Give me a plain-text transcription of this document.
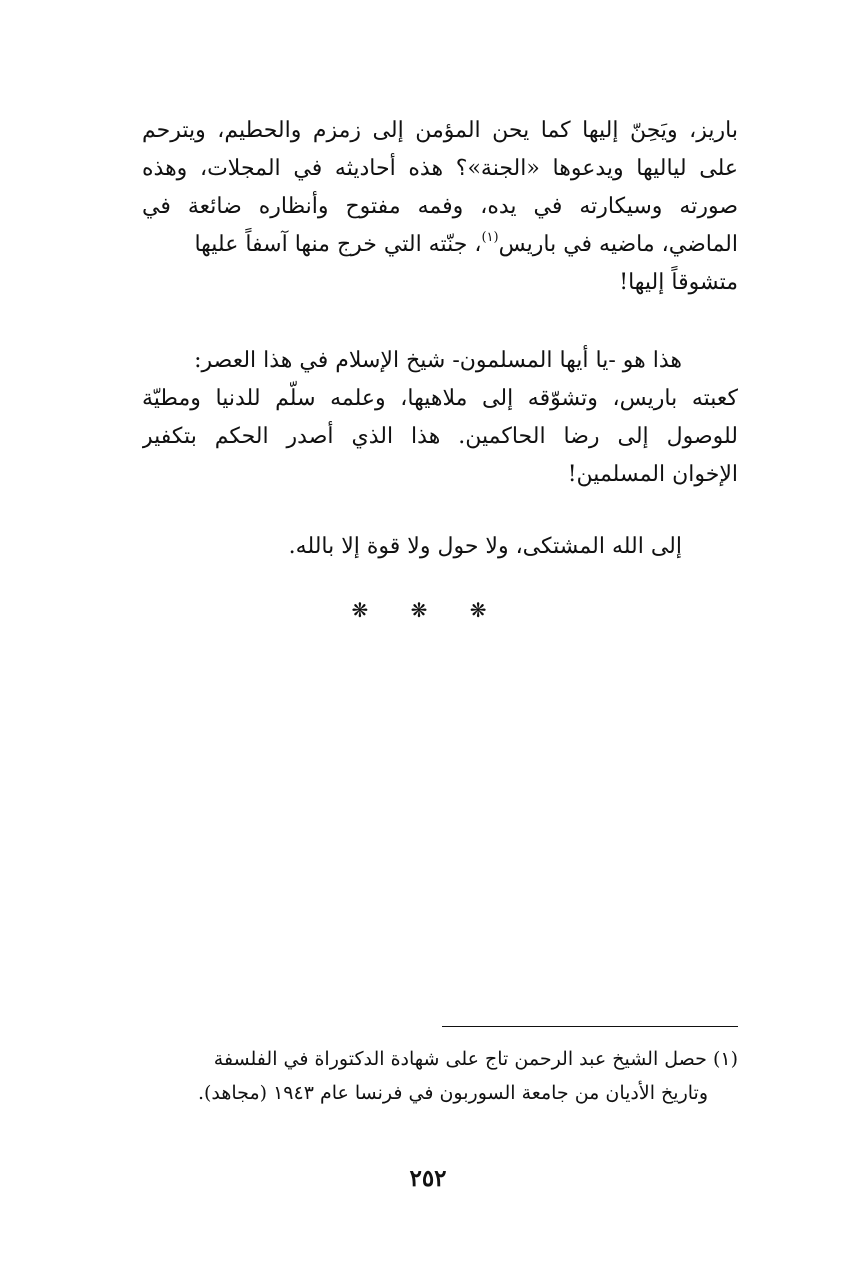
باريز، ويَحِنّ إليها كما يحن المؤمن إلى زمزم والحطيم، ويترحم
على لياليها ويدعوها «الجنة»؟ هذه أحاديثه في المجلات، وهذه
صورته وسيكارته في يده، وفمه مفتوح وأنظاره ضائعة في
الماضي، ماضيه في باريس$^{(١)}$، جنّته التي خرج منها آسفاً عليها
متشوقاً إليها!
هذا هو -يا أيها المسلمون- شيخ الإسلام في هذا العصر:
كعبته باريس، وتشوّقه إلى ملاهيها، وعلمه سلّم للدنيا ومطيّة
للوصول إلى رضا الحاكمين. هذا الذي أصدر الحكم بتكفير
الإخوان المسلمين!
إلى الله المشتكى، ولا حول ولا قوة إلا بالله.
❋ ❋ ❋
(١) حصل الشيخ عبد الرحمن تاج على شهادة الدكتوراة في الفلسفة
وتاريخ الأديان من جامعة السوربون في فرنسا عام ١٩٤٣ (مجاهد).
٢٥٢
